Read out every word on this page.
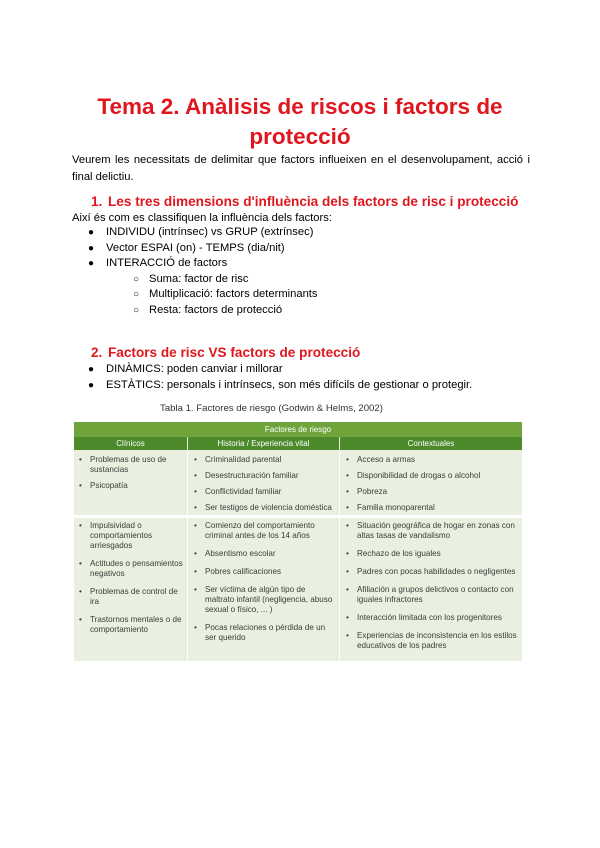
Tema 2. Anàlisis de riscos i factors de protecció
Veurem les necessitats de delimitar que factors influeixen en el desenvolupament, acció i final delictiu.
1. Les tres dimensions d'influència dels factors de risc i protecció
Així és com es classifiquen la influència dels factors:
● INDIVIDU (intrínsec) vs GRUP (extrínsec)
● Vector ESPAI (on) - TEMPS (dia/nit)
● INTERACCIÓ de factors
○ Suma: factor de risc
○ Multiplicació: factors determinants
○ Resta: factors de protecció
2. Factors de risc VS factors de protecció
● DINÀMICS: poden canviar i millorar
● ESTÀTICS: personals i intrínsecs, son més difícils de gestionar o protegir.
Tabla 1. Factores de riesgo (Godwin & Helms, 2002)
Factores de riesgo
Clínicos	Historia / Experiencia vital	Contextuales
• Problemas de uso de sustancias
• Psicopatía
• Criminalidad parental
• Desestructuración familiar
• Conflictividad familiar
• Ser testigos de violencia doméstica
• Acceso a armas
• Disponibilidad de drogas o alcohol
• Pobreza
• Familia monoparental
• Impulsividad o comportamientos arriesgados
• Actitudes o pensamientos negativos
• Problemas de control de ira
• Trastornos mentales o de comportamiento
• Comienzo del comportamiento criminal antes de los 14 años
• Absentismo escolar
• Pobres calificaciones
• Ser víctima de algún tipo de maltrato infantil (negligencia, abuso sexual o físico, ... )
• Pocas relaciones o pérdida de un ser querido
• Situación geográfica de hogar en zonas con altas tasas de vandalismo
• Rechazo de los iguales
• Padres con pocas habilidades o negligentes
• Afiliación a grupos delictivos o contacto con iguales infractores
• Interacción limitada con los progenitores
• Experiencias de inconsistencia en los estilos educativos de los padres
